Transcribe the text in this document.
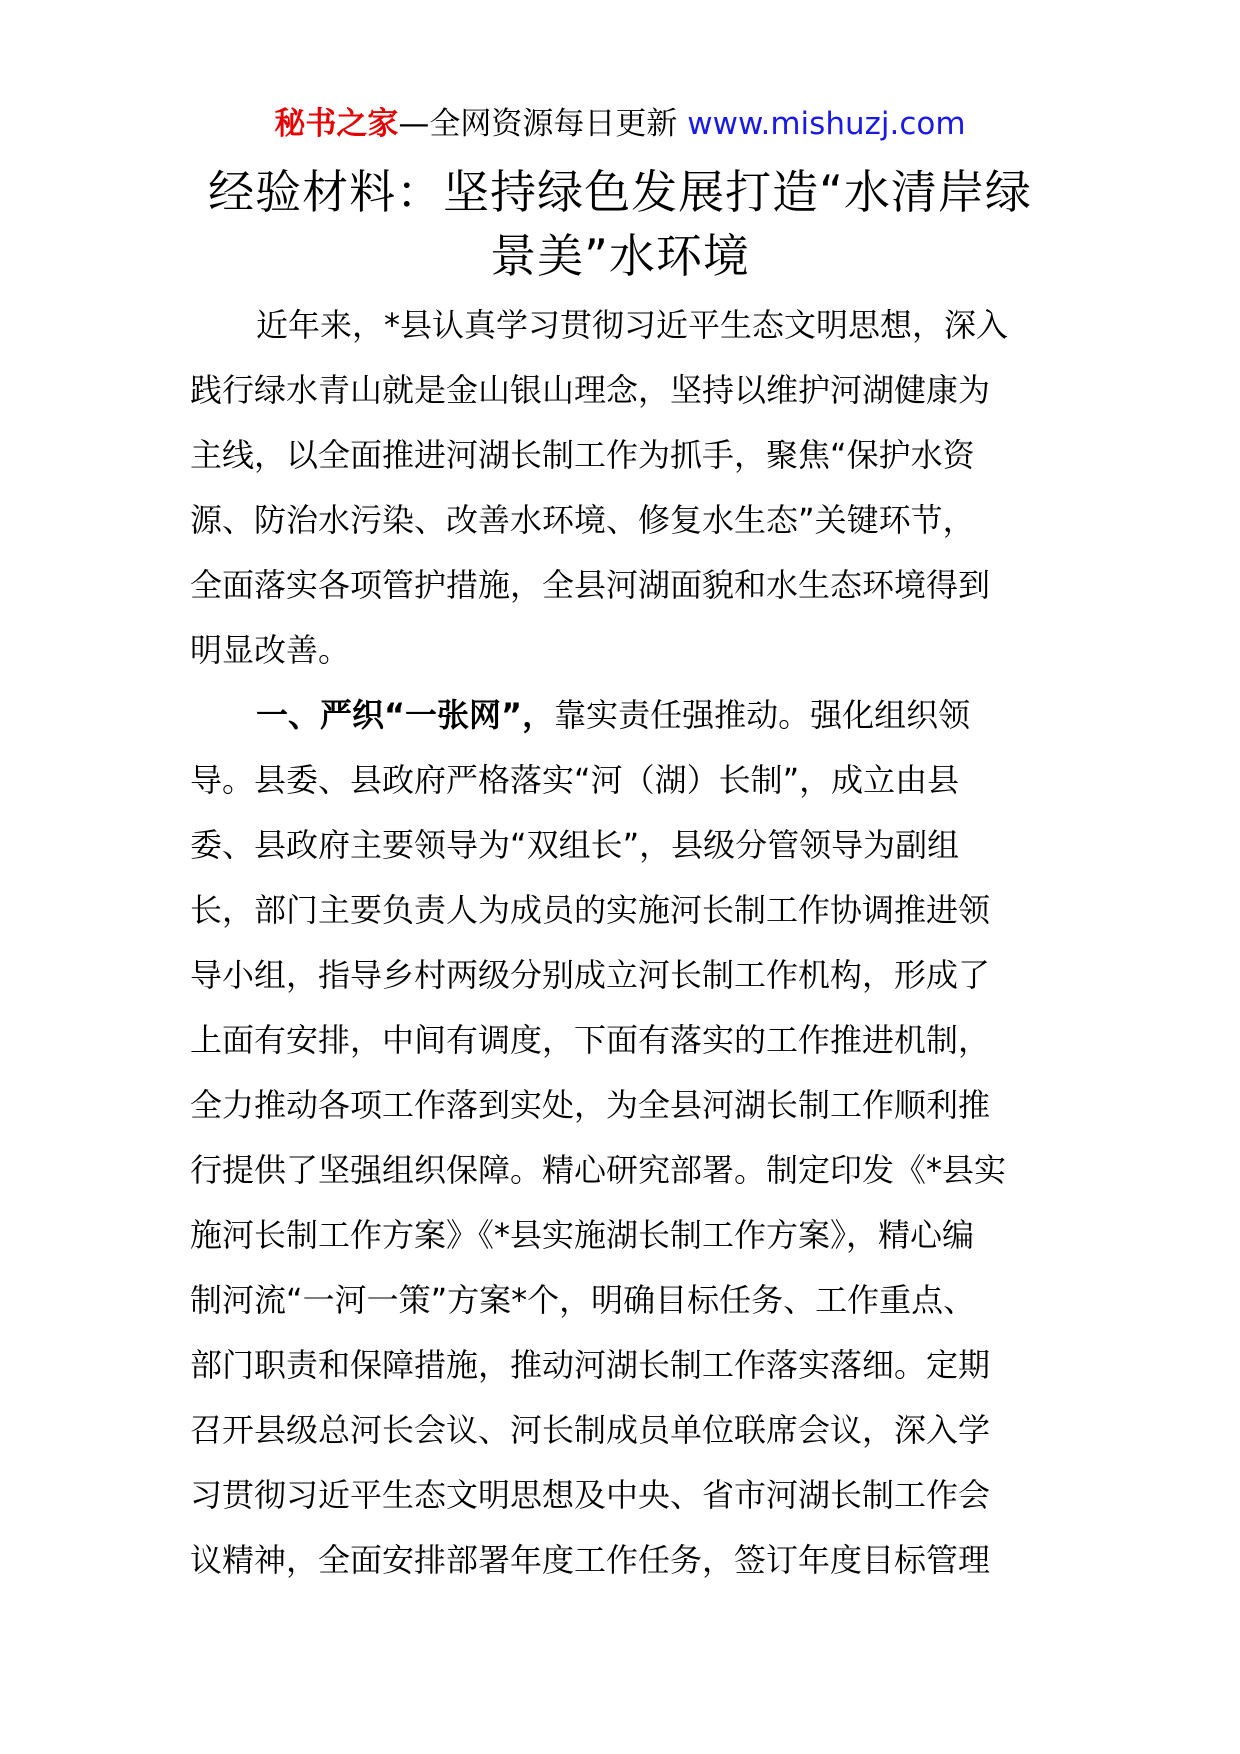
秘书之家—全网资源每日更新 www.mishuzj.com
经验材料：坚持绿色发展打造“水清岸绿
景美”水环境
近年来，*县认真学习贯彻习近平生态文明思想，深入
践行绿水青山就是金山银山理念，坚持以维护河湖健康为
主线，以全面推进河湖长制工作为抓手，聚焦“保护水资
源、防治水污染、改善水环境、修复水生态”关键环节，
全面落实各项管护措施，全县河湖面貌和水生态环境得到
明显改善。
一、严织“一张网”，靠实责任强推动。强化组织领
导。县委、县政府严格落实“河（湖）长制”，成立由县
委、县政府主要领导为“双组长”，县级分管领导为副组
长，部门主要负责人为成员的实施河长制工作协调推进领
导小组，指导乡村两级分别成立河长制工作机构，形成了
上面有安排，中间有调度，下面有落实的工作推进机制，
全力推动各项工作落到实处，为全县河湖长制工作顺利推
行提供了坚强组织保障。精心研究部署。制定印发《*县实
施河长制工作方案》《*县实施湖长制工作方案》，精心编
制河流“一河一策”方案*个，明确目标任务、工作重点、
部门职责和保障措施，推动河湖长制工作落实落细。定期
召开县级总河长会议、河长制成员单位联席会议，深入学
习贯彻习近平生态文明思想及中央、省市河湖长制工作会
议精神，全面安排部署年度工作任务，签订年度目标管理
